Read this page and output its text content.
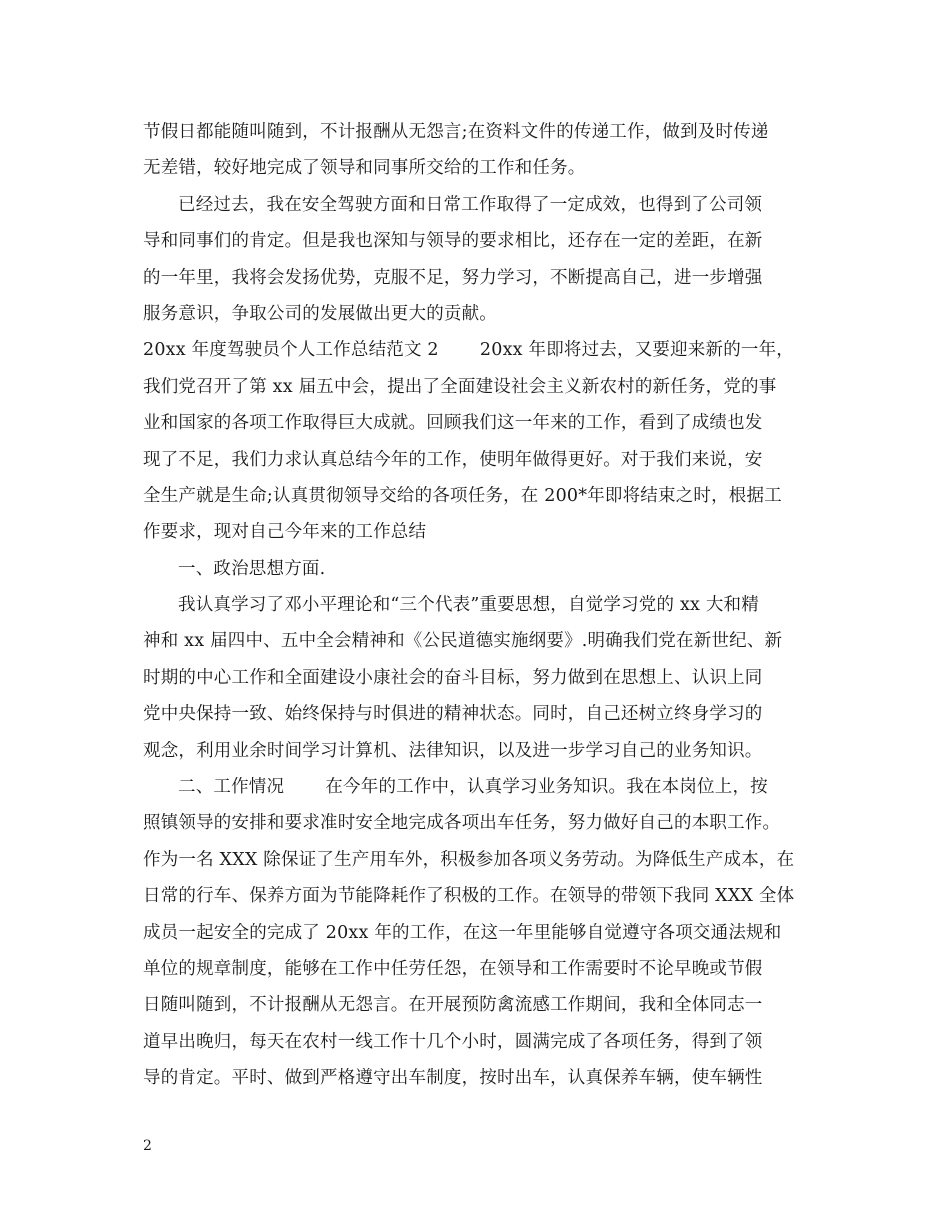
节假日都能随叫随到，不计报酬从无怨言;在资料文件的传递工作，做到及时传递
无差错，较好地完成了领导和同事所交给的工作和任务。
已经过去，我在安全驾驶方面和日常工作取得了一定成效，也得到了公司领
导和同事们的肯定。但是我也深知与领导的要求相比，还存在一定的差距，在新
的一年里，我将会发扬优势，克服不足，努力学习，不断提高自己，进一步增强
服务意识，争取公司的发展做出更大的贡献。
20xx 年度驾驶员个人工作总结范文 2　　 20xx 年即将过去，又要迎来新的一年，
我们党召开了第 xx 届五中会，提出了全面建设社会主义新农村的新任务，党的事
业和国家的各项工作取得巨大成就。回顾我们这一年来的工作，看到了成绩也发
现了不足，我们力求认真总结今年的工作，使明年做得更好。对于我们来说，安
全生产就是生命;认真贯彻领导交给的各项任务，在 200*年即将结束之时，根据工
作要求，现对自己今年来的工作总结
一、政治思想方面.
我认真学习了邓小平理论和“三个代表”重要思想，自觉学习党的 xx 大和精
神和 xx 届四中、五中全会精神和《公民道德实施纲要》.明确我们党在新世纪、新
时期的中心工作和全面建设小康社会的奋斗目标，努力做到在思想上、认识上同
党中央保持一致、始终保持与时俱进的精神状态。同时，自己还树立终身学习的
观念，利用业余时间学习计算机、法律知识，以及进一步学习自己的业务知识。
二、工作情况　　 在今年的工作中，认真学习业务知识。我在本岗位上，按
照镇领导的安排和要求准时安全地完成各项出车任务，努力做好自己的本职工作。
作为一名 XXX 除保证了生产用车外，积极参加各项义务劳动。为降低生产成本，在
日常的行车、保养方面为节能降耗作了积极的工作。在领导的带领下我同 XXX 全体
成员一起安全的完成了 20xx 年的工作，在这一年里能够自觉遵守各项交通法规和
单位的规章制度，能够在工作中任劳任怨，在领导和工作需要时不论早晚或节假
日随叫随到，不计报酬从无怨言。在开展预防禽流感工作期间，我和全体同志一
道早出晚归，每天在农村一线工作十几个小时，圆满完成了各项任务，得到了领
导的肯定。平时、做到严格遵守出车制度，按时出车，认真保养车辆，使车辆性
2
